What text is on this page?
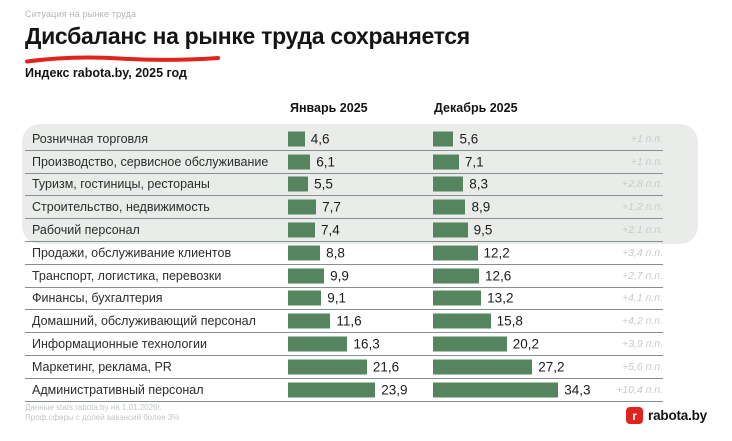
Ситуация на рынке труда
Дисбаланс на рынке труда сохраняется
Индекс rabota.by, 2025 год
Январь 2025	Декабрь 2025
Розничная торговля	4,6	5,6	+1 п.п.
Производство, сервисное обслуживание	6,1	7,1	+1 п.п.
Туризм, гостиницы, рестораны	5,5	8,3	+2,8 п.п.
Строительство, недвижимость	7,7	8,9	+1,2 п.п.
Рабочий персонал	7,4	9,5	+2,1 п.п.
Продажи, обслуживание клиентов	8,8	12,2	+3,4 п.п.
Транспорт, логистика, перевозки	9,9	12,6	+2,7 п.п.
Финансы, бухгалтерия	9,1	13,2	+4,1 п.п.
Домашний, обслуживающий персонал	11,6	15,8	+4,2 п.п.
Информационные технологии	16,3	20,2	+3,9 п.п.
Маркетинг, реклама, PR	21,6	27,2	+5,6 п.п.
Административный персонал	23,9	34,3 +10,4 п.п.
Данные stats.rabota.by на 1.01.2026г.
Проф.сферы с долей вакансий более 3%	r rabota.by
